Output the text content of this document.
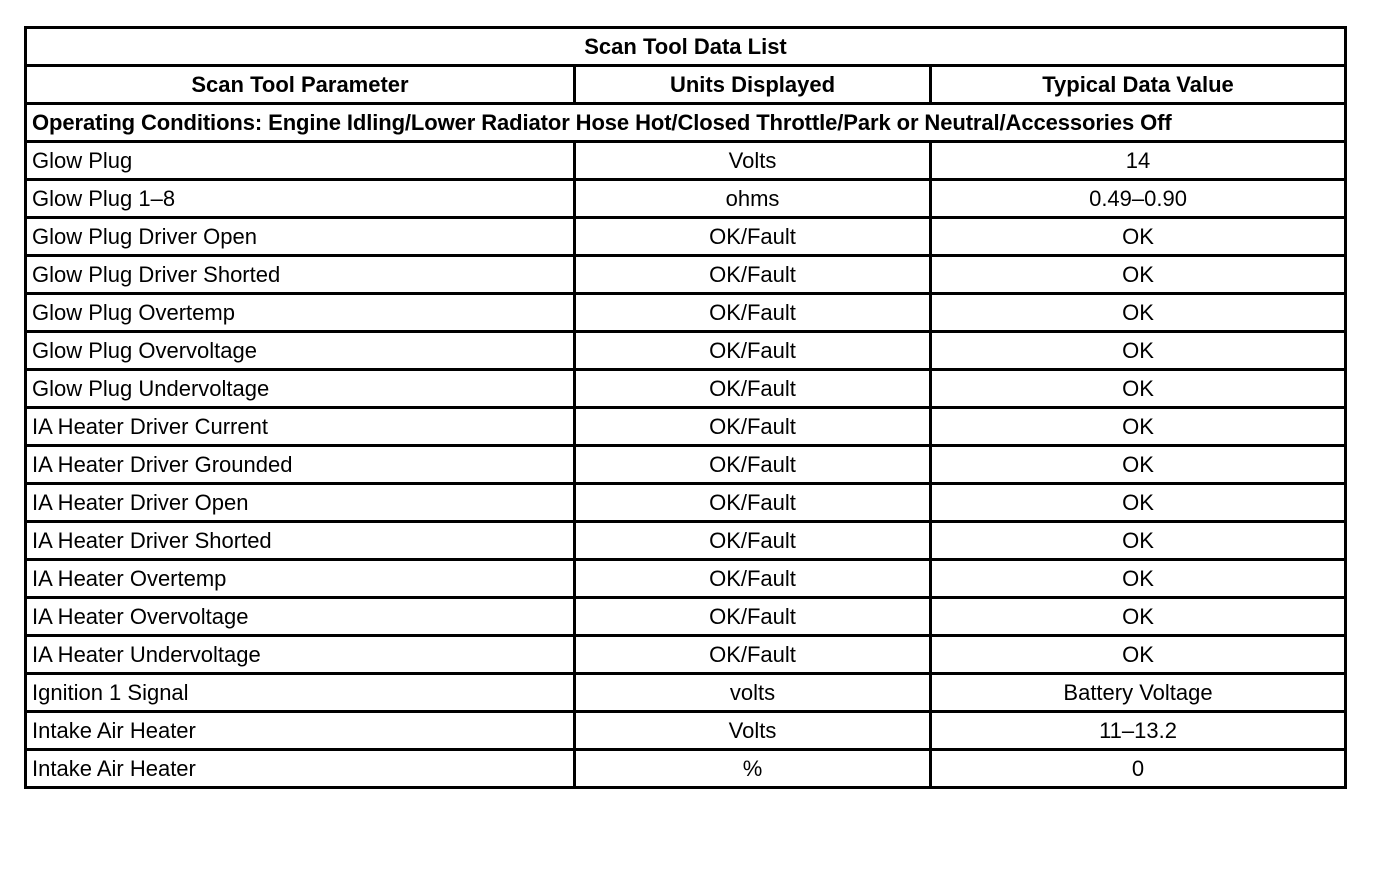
Scan Tool Data List		
Scan Tool Parameter	Units Displayed	Typical Data Value
Operating Conditions: Engine Idling/Lower Radiator Hose Hot/Closed Throttle/Park or Neutral/Accessories Off		
Glow Plug	Volts	14
Glow Plug 1–8	ohms	0.49–0.90
Glow Plug Driver Open	OK/Fault	OK
Glow Plug Driver Shorted	OK/Fault	OK
Glow Plug Overtemp	OK/Fault	OK
Glow Plug Overvoltage	OK/Fault	OK
Glow Plug Undervoltage	OK/Fault	OK
IA Heater Driver Current	OK/Fault	OK
IA Heater Driver Grounded	OK/Fault	OK
IA Heater Driver Open	OK/Fault	OK
IA Heater Driver Shorted	OK/Fault	OK
IA Heater Overtemp	OK/Fault	OK
IA Heater Overvoltage	OK/Fault	OK
IA Heater Undervoltage	OK/Fault	OK
Ignition 1 Signal	volts	Battery Voltage
Intake Air Heater	Volts	11–13.2
Intake Air Heater	%	0
